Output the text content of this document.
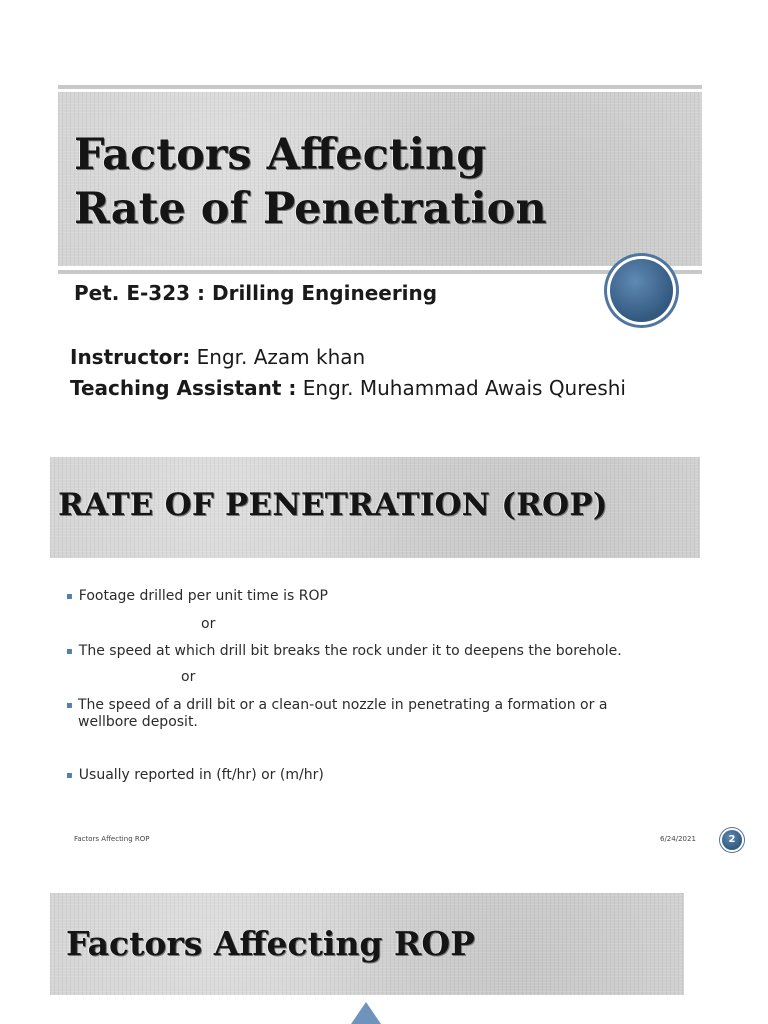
Factors Affecting
Rate of Penetration
Pet. E-323 : Drilling Engineering
Instructor: Engr. Azam khan
Teaching Assistant : Engr. Muhammad Awais Qureshi
RATE OF PENETRATION (ROP)
▪ Footage drilled per unit time is ROP
or
▪ The speed at which drill bit breaks the rock under it to deepens the borehole.
or
▪ The speed of a drill bit or a clean-out nozzle in penetrating a formation or a wellbore deposit.
▪ Usually reported in (ft/hr) or (m/hr)
Factors Affecting ROP	6/24/2021	2
Factors Affecting ROP
